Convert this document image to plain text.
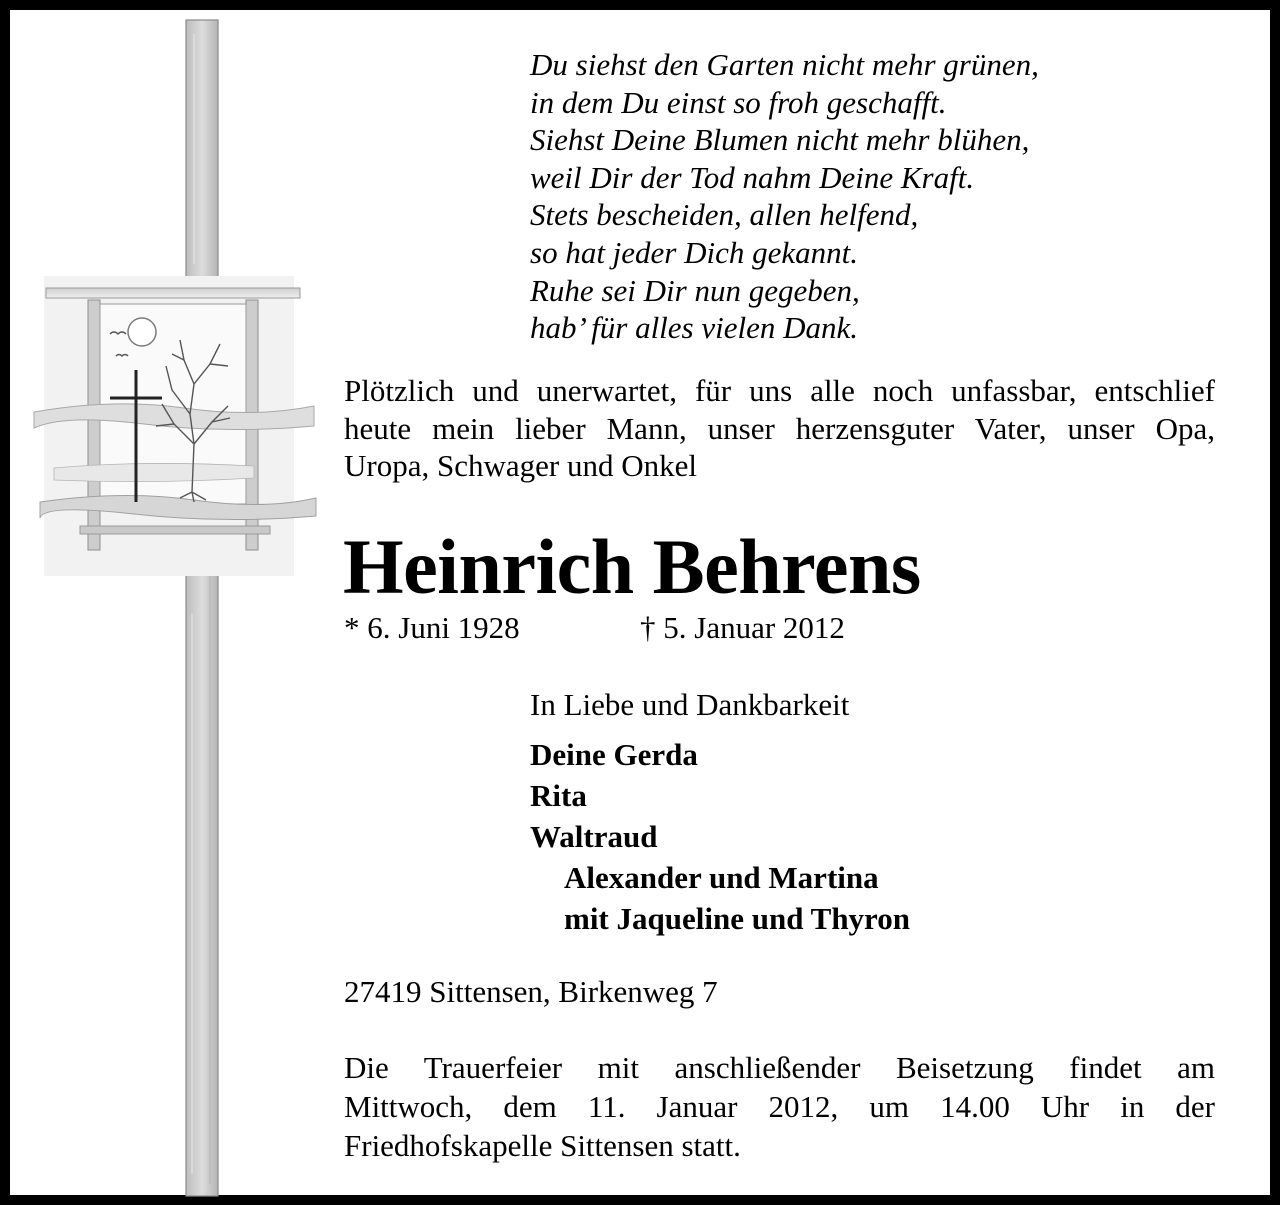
Du siehst den Garten nicht mehr grünen,
in dem Du einst so froh geschafft.
Siehst Deine Blumen nicht mehr blühen,
weil Dir der Tod nahm Deine Kraft.
Stets bescheiden, allen helfend,
so hat jeder Dich gekannt.
Ruhe sei Dir nun gegeben,
hab’ für alles vielen Dank.
Plötzlich und unerwartet, für uns alle noch unfassbar, entschlief
heute mein lieber Mann, unser herzensguter Vater, unser Opa,
Uropa, Schwager und Onkel
Heinrich Behrens
* 6. Juni 1928	† 5. Januar 2012
In Liebe und Dankbarkeit
Deine Gerda
Rita
Waltraud
Alexander und Martina
mit Jaqueline und Thyron
27419 Sittensen, Birkenweg 7
Die Trauerfeier mit anschließender Beisetzung findet am
Mittwoch, dem 11. Januar 2012, um 14.00 Uhr in der
Friedhofskapelle Sittensen statt.
